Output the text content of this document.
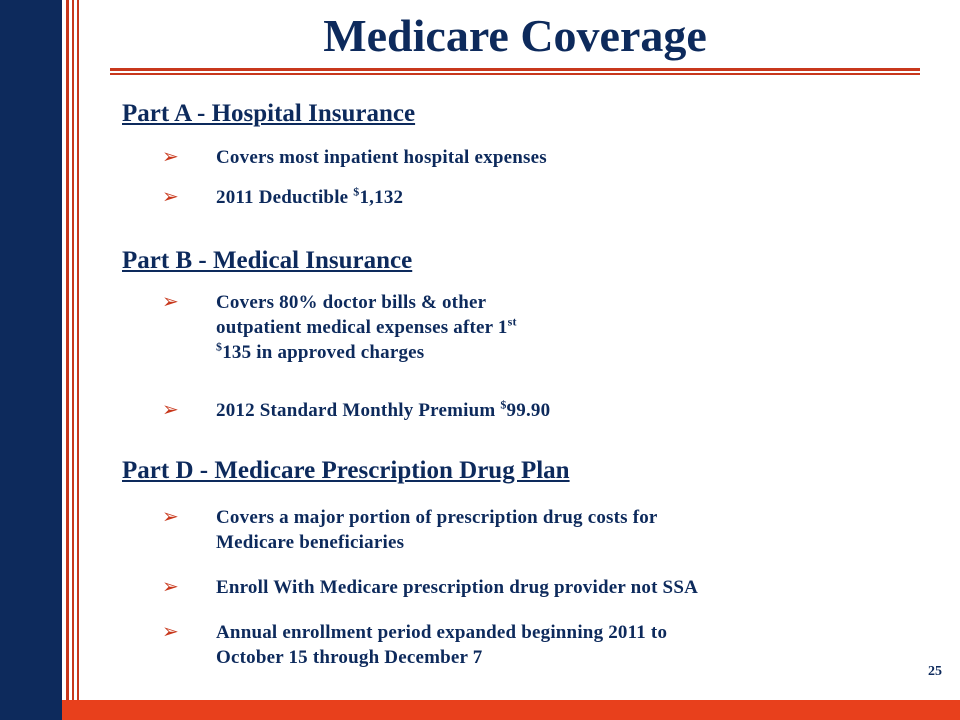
Medicare Coverage
Part A - Hospital Insurance
➢ Covers most inpatient hospital expenses
➢ 2011 Deductible $1,132
Part B - Medical Insurance
➢ Covers 80% doctor bills & other
outpatient medical expenses after 1st
$135 in approved charges
➢ 2012 Standard Monthly Premium $99.90
Part D - Medicare Prescription Drug Plan
➢ Covers a major portion of prescription drug costs for
Medicare beneficiaries
➢ Enroll With Medicare prescription drug provider not SSA
➢ Annual enrollment period expanded beginning 2011 to
October 15 through December 7
25
